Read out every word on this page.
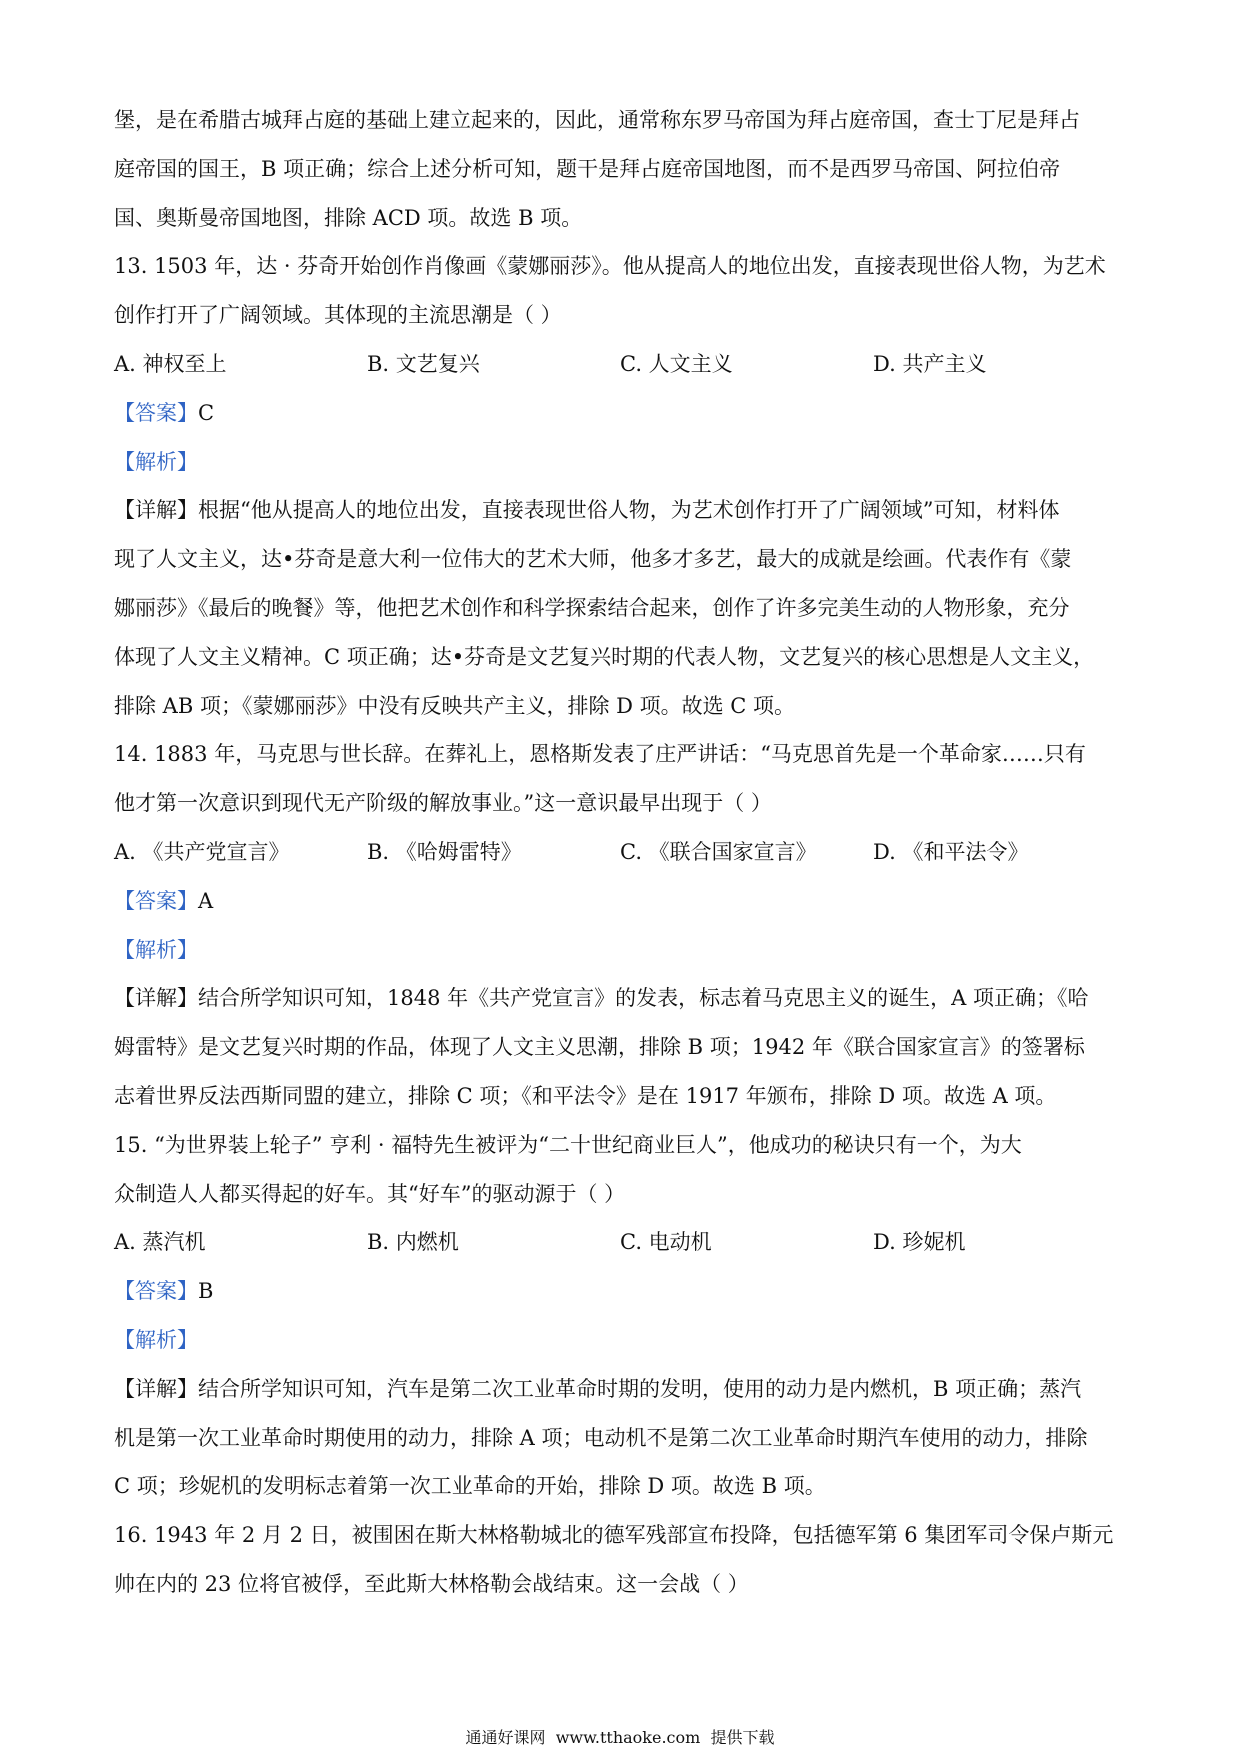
堡，是在希腊古城拜占庭的基础上建立起来的，因此，通常称东罗马帝国为拜占庭帝国，查士丁尼是拜占
庭帝国的国王，B 项正确；综合上述分析可知，题干是拜占庭帝国地图，而不是西罗马帝国、阿拉伯帝
国、奥斯曼帝国地图，排除 ACD 项。故选 B 项。
13. 1503 年，达 · 芬奇开始创作肖像画《蒙娜丽莎》。他从提高人的地位出发，直接表现世俗人物，为艺术
创作打开了广阔领域。其体现的主流思潮是（ ）
A. 神权至上	B. 文艺复兴	C. 人文主义	D. 共产主义
【答案】C
【解析】
【详解】根据“他从提高人的地位出发，直接表现世俗人物，为艺术创作打开了广阔领域”可知，材料体
现了人文主义，达•芬奇是意大利一位伟大的艺术大师，他多才多艺，最大的成就是绘画。代表作有《蒙
娜丽莎》《最后的晚餐》等，他把艺术创作和科学探索结合起来，创作了许多完美生动的人物形象，充分
体现了人文主义精神。C 项正确；达•芬奇是文艺复兴时期的代表人物，文艺复兴的核心思想是人文主义，
排除 AB 项；《蒙娜丽莎》中没有反映共产主义，排除 D 项。故选 C 项。
14. 1883 年，马克思与世长辞。在葬礼上，恩格斯发表了庄严讲话：“马克思首先是一个革命家……只有
他才第一次意识到现代无产阶级的解放事业。”这一意识最早出现于（ ）
A. 《共产党宣言》	B. 《哈姆雷特》	C. 《联合国家宣言》	D. 《和平法令》
【答案】A
【解析】
【详解】结合所学知识可知，1848 年《共产党宣言》的发表，标志着马克思主义的诞生，A 项正确；《哈
姆雷特》是文艺复兴时期的作品，体现了人文主义思潮，排除 B 项；1942 年《联合国家宣言》的签署标
志着世界反法西斯同盟的建立，排除 C 项；《和平法令》是在 1917 年颁布，排除 D 项。故选 A 项。
15. “为世界装上轮子” 亨利 · 福特先生被评为“二十世纪商业巨人”，他成功的秘诀只有一个，为大
众制造人人都买得起的好车。其“好车”的驱动源于（ ）
A. 蒸汽机	B. 内燃机	C. 电动机	D. 珍妮机
【答案】B
【解析】
【详解】结合所学知识可知，汽车是第二次工业革命时期的发明，使用的动力是内燃机，B 项正确；蒸汽
机是第一次工业革命时期使用的动力，排除 A 项；电动机不是第二次工业革命时期汽车使用的动力，排除
C 项；珍妮机的发明标志着第一次工业革命的开始，排除 D 项。故选 B 项。
16. 1943 年 2 月 2 日，被围困在斯大林格勒城北的德军残部宣布投降，包括德军第 6 集团军司令保卢斯元
帅在内的 23 位将官被俘，至此斯大林格勒会战结束。这一会战（ ）
通通好课网 www.tthaoke.com 提供下载
